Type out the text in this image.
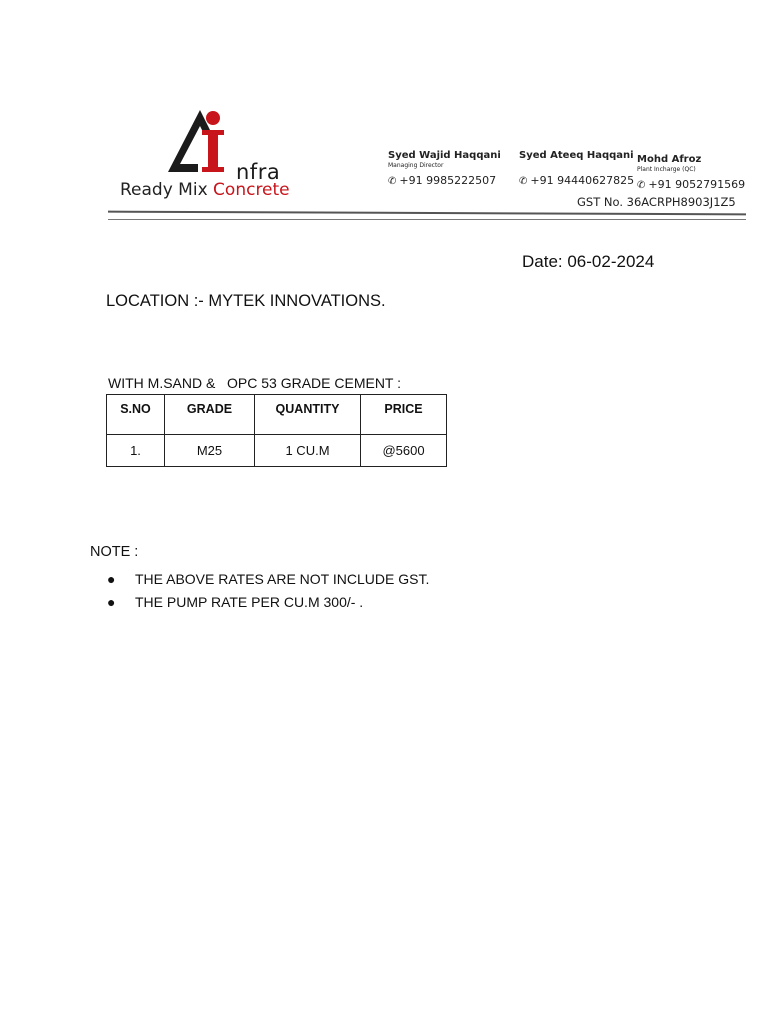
nfra
Ready Mix Concrete
Syed Wajid Haqqani
Managing Director
✆ +91 9985222507
Syed Ateeq Haqqani
✆ +91 94440627825
Mohd Afroz
Plant Incharge (QC)
✆ +91 9052791569
GST No. 36ACRPH8903J1Z5
Date: 06-02-2024
LOCATION :- MYTEK INNOVATIONS.
WITH M.SAND &   OPC 53 GRADE CEMENT :
S.NO	GRADE	QUANTITY	PRICE
1.	M25	1 CU.M	@5600
NOTE :
● THE ABOVE RATES ARE NOT INCLUDE GST.
● THE PUMP RATE PER CU.M 300/- .
